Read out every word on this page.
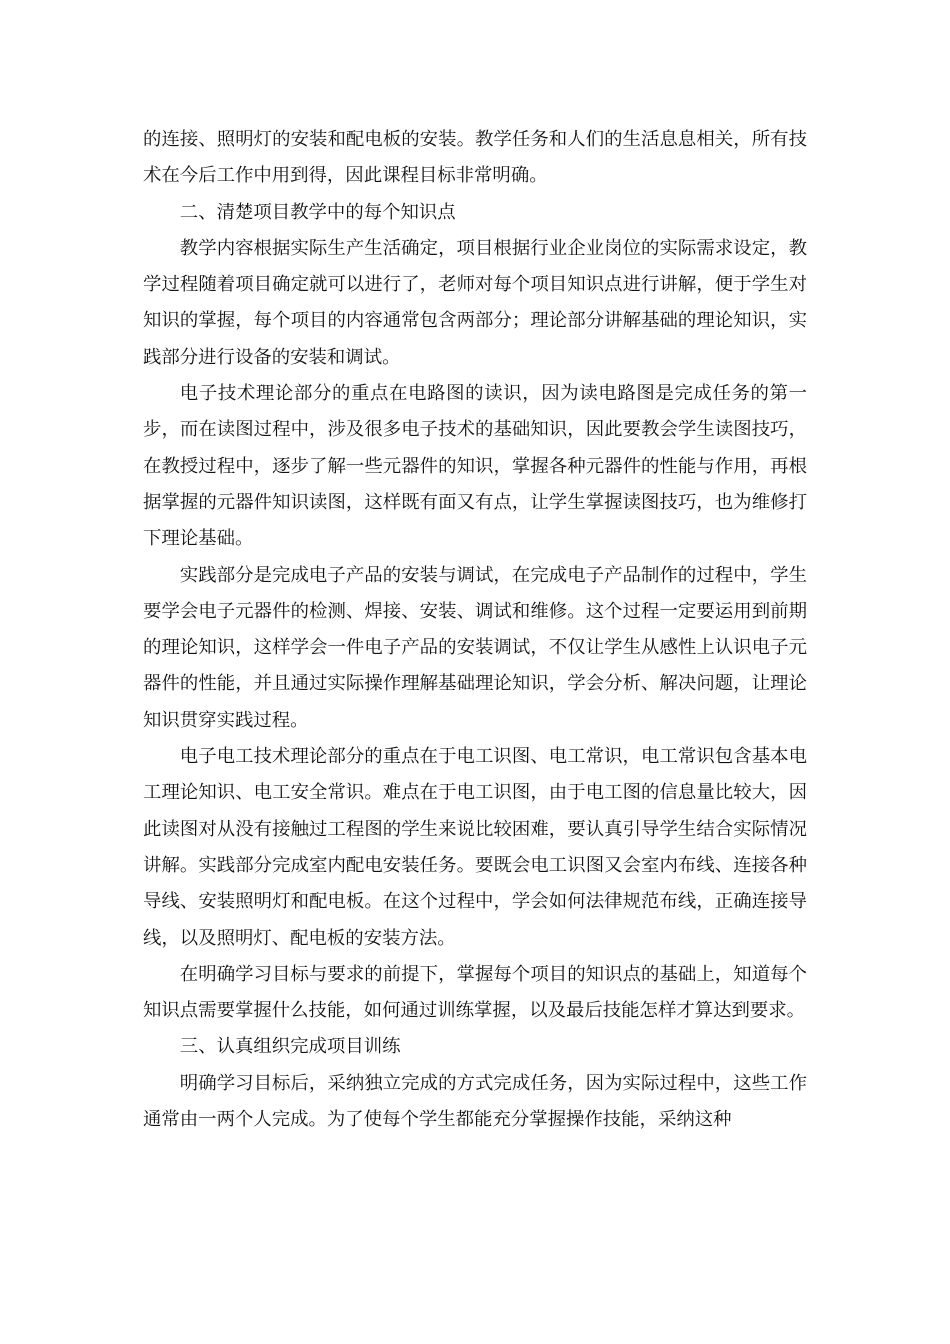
的连接、照明灯的安装和配电板的安装。教学任务和人们的生活息息相关，所有技术在今后工作中用到得，因此课程目标非常明确。

二、清楚项目教学中的每个知识点

教学内容根据实际生产生活确定，项目根据行业企业岗位的实际需求设定，教学过程随着项目确定就可以进行了，老师对每个项目知识点进行讲解，便于学生对知识的掌握，每个项目的内容通常包含两部分；理论部分讲解基础的理论知识，实践部分进行设备的安装和调试。

电子技术理论部分的重点在电路图的读识，因为读电路图是完成任务的第一步，而在读图过程中，涉及很多电子技术的基础知识，因此要教会学生读图技巧，在教授过程中，逐步了解一些元器件的知识，掌握各种元器件的性能与作用，再根据掌握的元器件知识读图，这样既有面又有点，让学生掌握读图技巧，也为维修打下理论基础。

实践部分是完成电子产品的安装与调试，在完成电子产品制作的过程中，学生要学会电子元器件的检测、焊接、安装、调试和维修。这个过程一定要运用到前期的理论知识，这样学会一件电子产品的安装调试，不仅让学生从感性上认识电子元器件的性能，并且通过实际操作理解基础理论知识，学会分析、解决问题，让理论知识贯穿实践过程。

电子电工技术理论部分的重点在于电工识图、电工常识，电工常识包含基本电工理论知识、电工安全常识。难点在于电工识图，由于电工图的信息量比较大，因此读图对从没有接触过工程图的学生来说比较困难，要认真引导学生结合实际情况讲解。实践部分完成室内配电安装任务。要既会电工识图又会室内布线、连接各种导线、安装照明灯和配电板。在这个过程中，学会如何法律规范布线，正确连接导线，以及照明灯、配电板的安装方法。

在明确学习目标与要求的前提下，掌握每个项目的知识点的基础上，知道每个知识点需要掌握什么技能，如何通过训练掌握，以及最后技能怎样才算达到要求。

三、认真组织完成项目训练

明确学习目标后，采纳独立完成的方式完成任务，因为实际过程中，这些工作通常由一两个人完成。为了使每个学生都能充分掌握操作技能，采纳这种
